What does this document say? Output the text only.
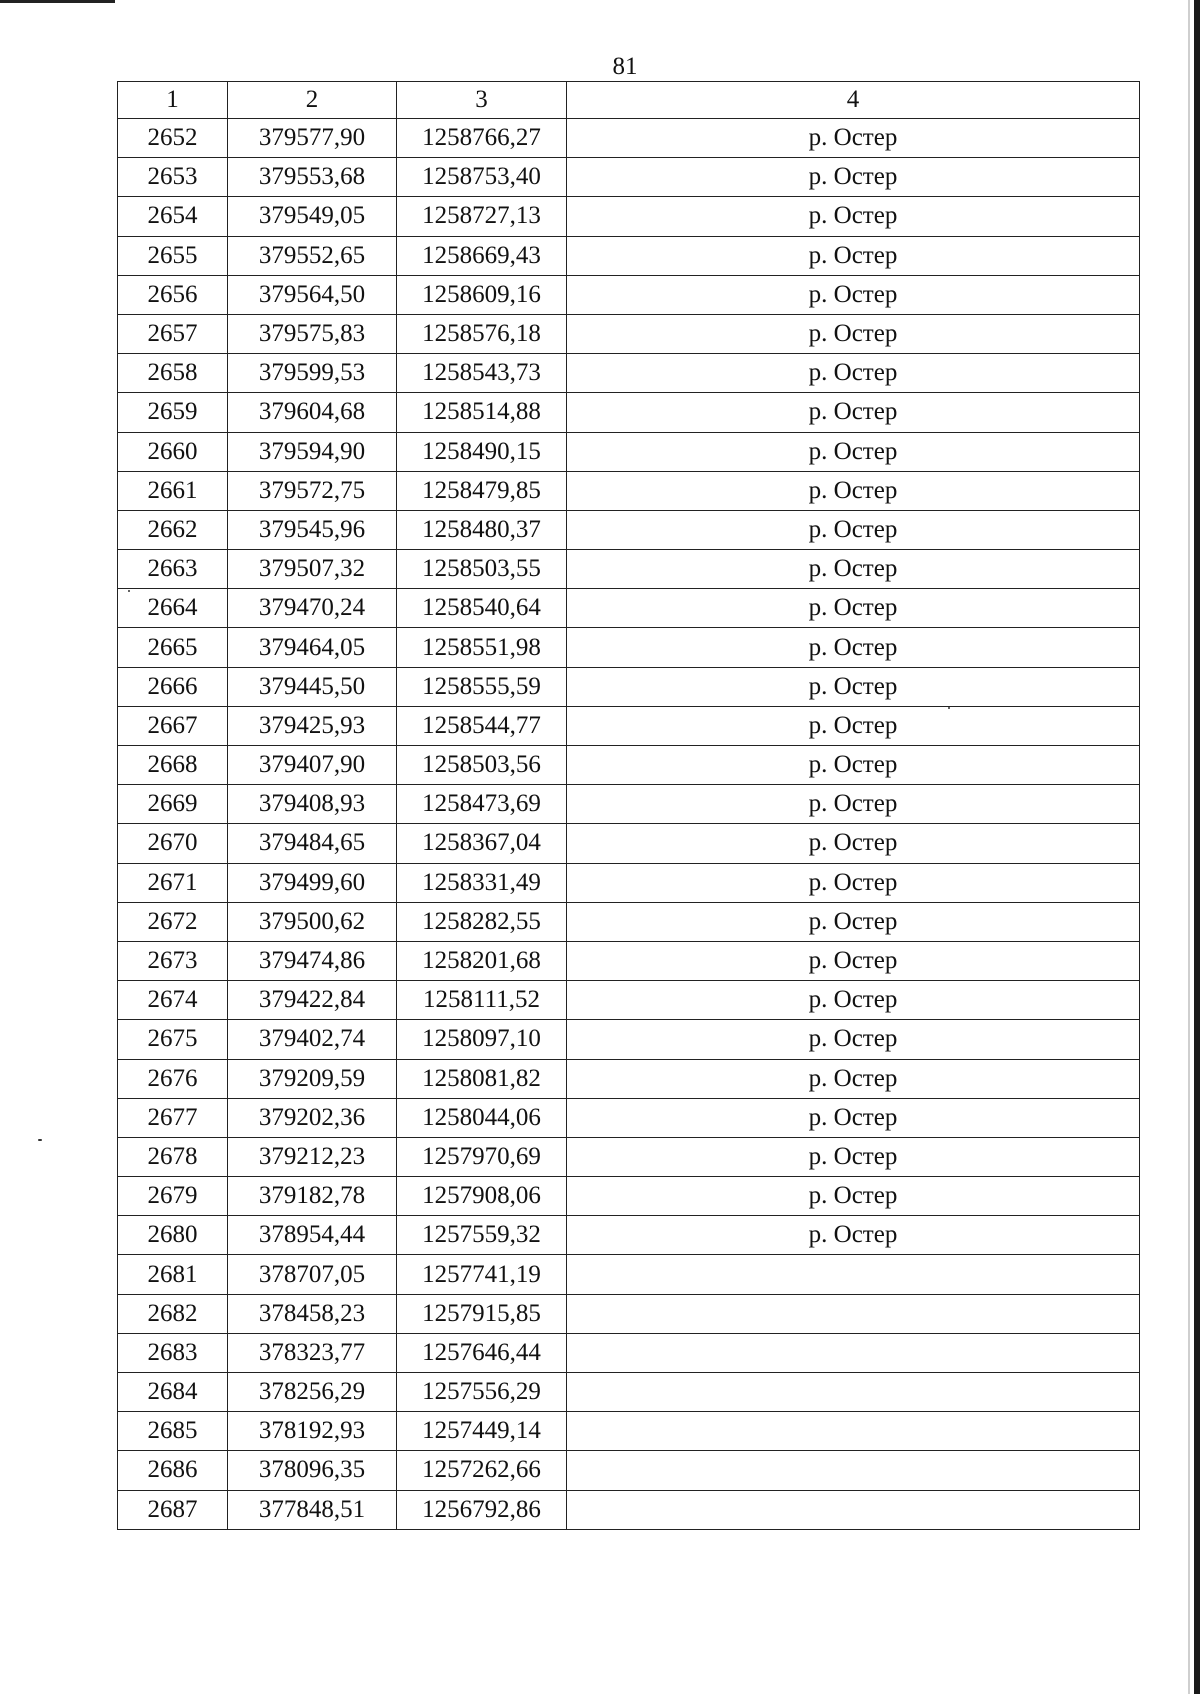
81
1	2	3	4
2652	379577,90	1258766,27	р. Остер
2653	379553,68	1258753,40	р. Остер
2654	379549,05	1258727,13	р. Остер
2655	379552,65	1258669,43	р. Остер
2656	379564,50	1258609,16	р. Остер
2657	379575,83	1258576,18	р. Остер
2658	379599,53	1258543,73	р. Остер
2659	379604,68	1258514,88	р. Остер
2660	379594,90	1258490,15	р. Остер
2661	379572,75	1258479,85	р. Остер
2662	379545,96	1258480,37	р. Остер
2663	379507,32	1258503,55	р. Остер
2664	379470,24	1258540,64	р. Остер
2665	379464,05	1258551,98	р. Остер
2666	379445,50	1258555,59	р. Остер
2667	379425,93	1258544,77	р. Остер
2668	379407,90	1258503,56	р. Остер
2669	379408,93	1258473,69	р. Остер
2670	379484,65	1258367,04	р. Остер
2671	379499,60	1258331,49	р. Остер
2672	379500,62	1258282,55	р. Остер
2673	379474,86	1258201,68	р. Остер
2674	379422,84	1258111,52	р. Остер
2675	379402,74	1258097,10	р. Остер
2676	379209,59	1258081,82	р. Остер
2677	379202,36	1258044,06	р. Остер
2678	379212,23	1257970,69	р. Остер
2679	379182,78	1257908,06	р. Остер
2680	378954,44	1257559,32	р. Остер
2681	378707,05	1257741,19	
2682	378458,23	1257915,85	
2683	378323,77	1257646,44	
2684	378256,29	1257556,29	
2685	378192,93	1257449,14	
2686	378096,35	1257262,66	
2687	377848,51	1256792,86	
